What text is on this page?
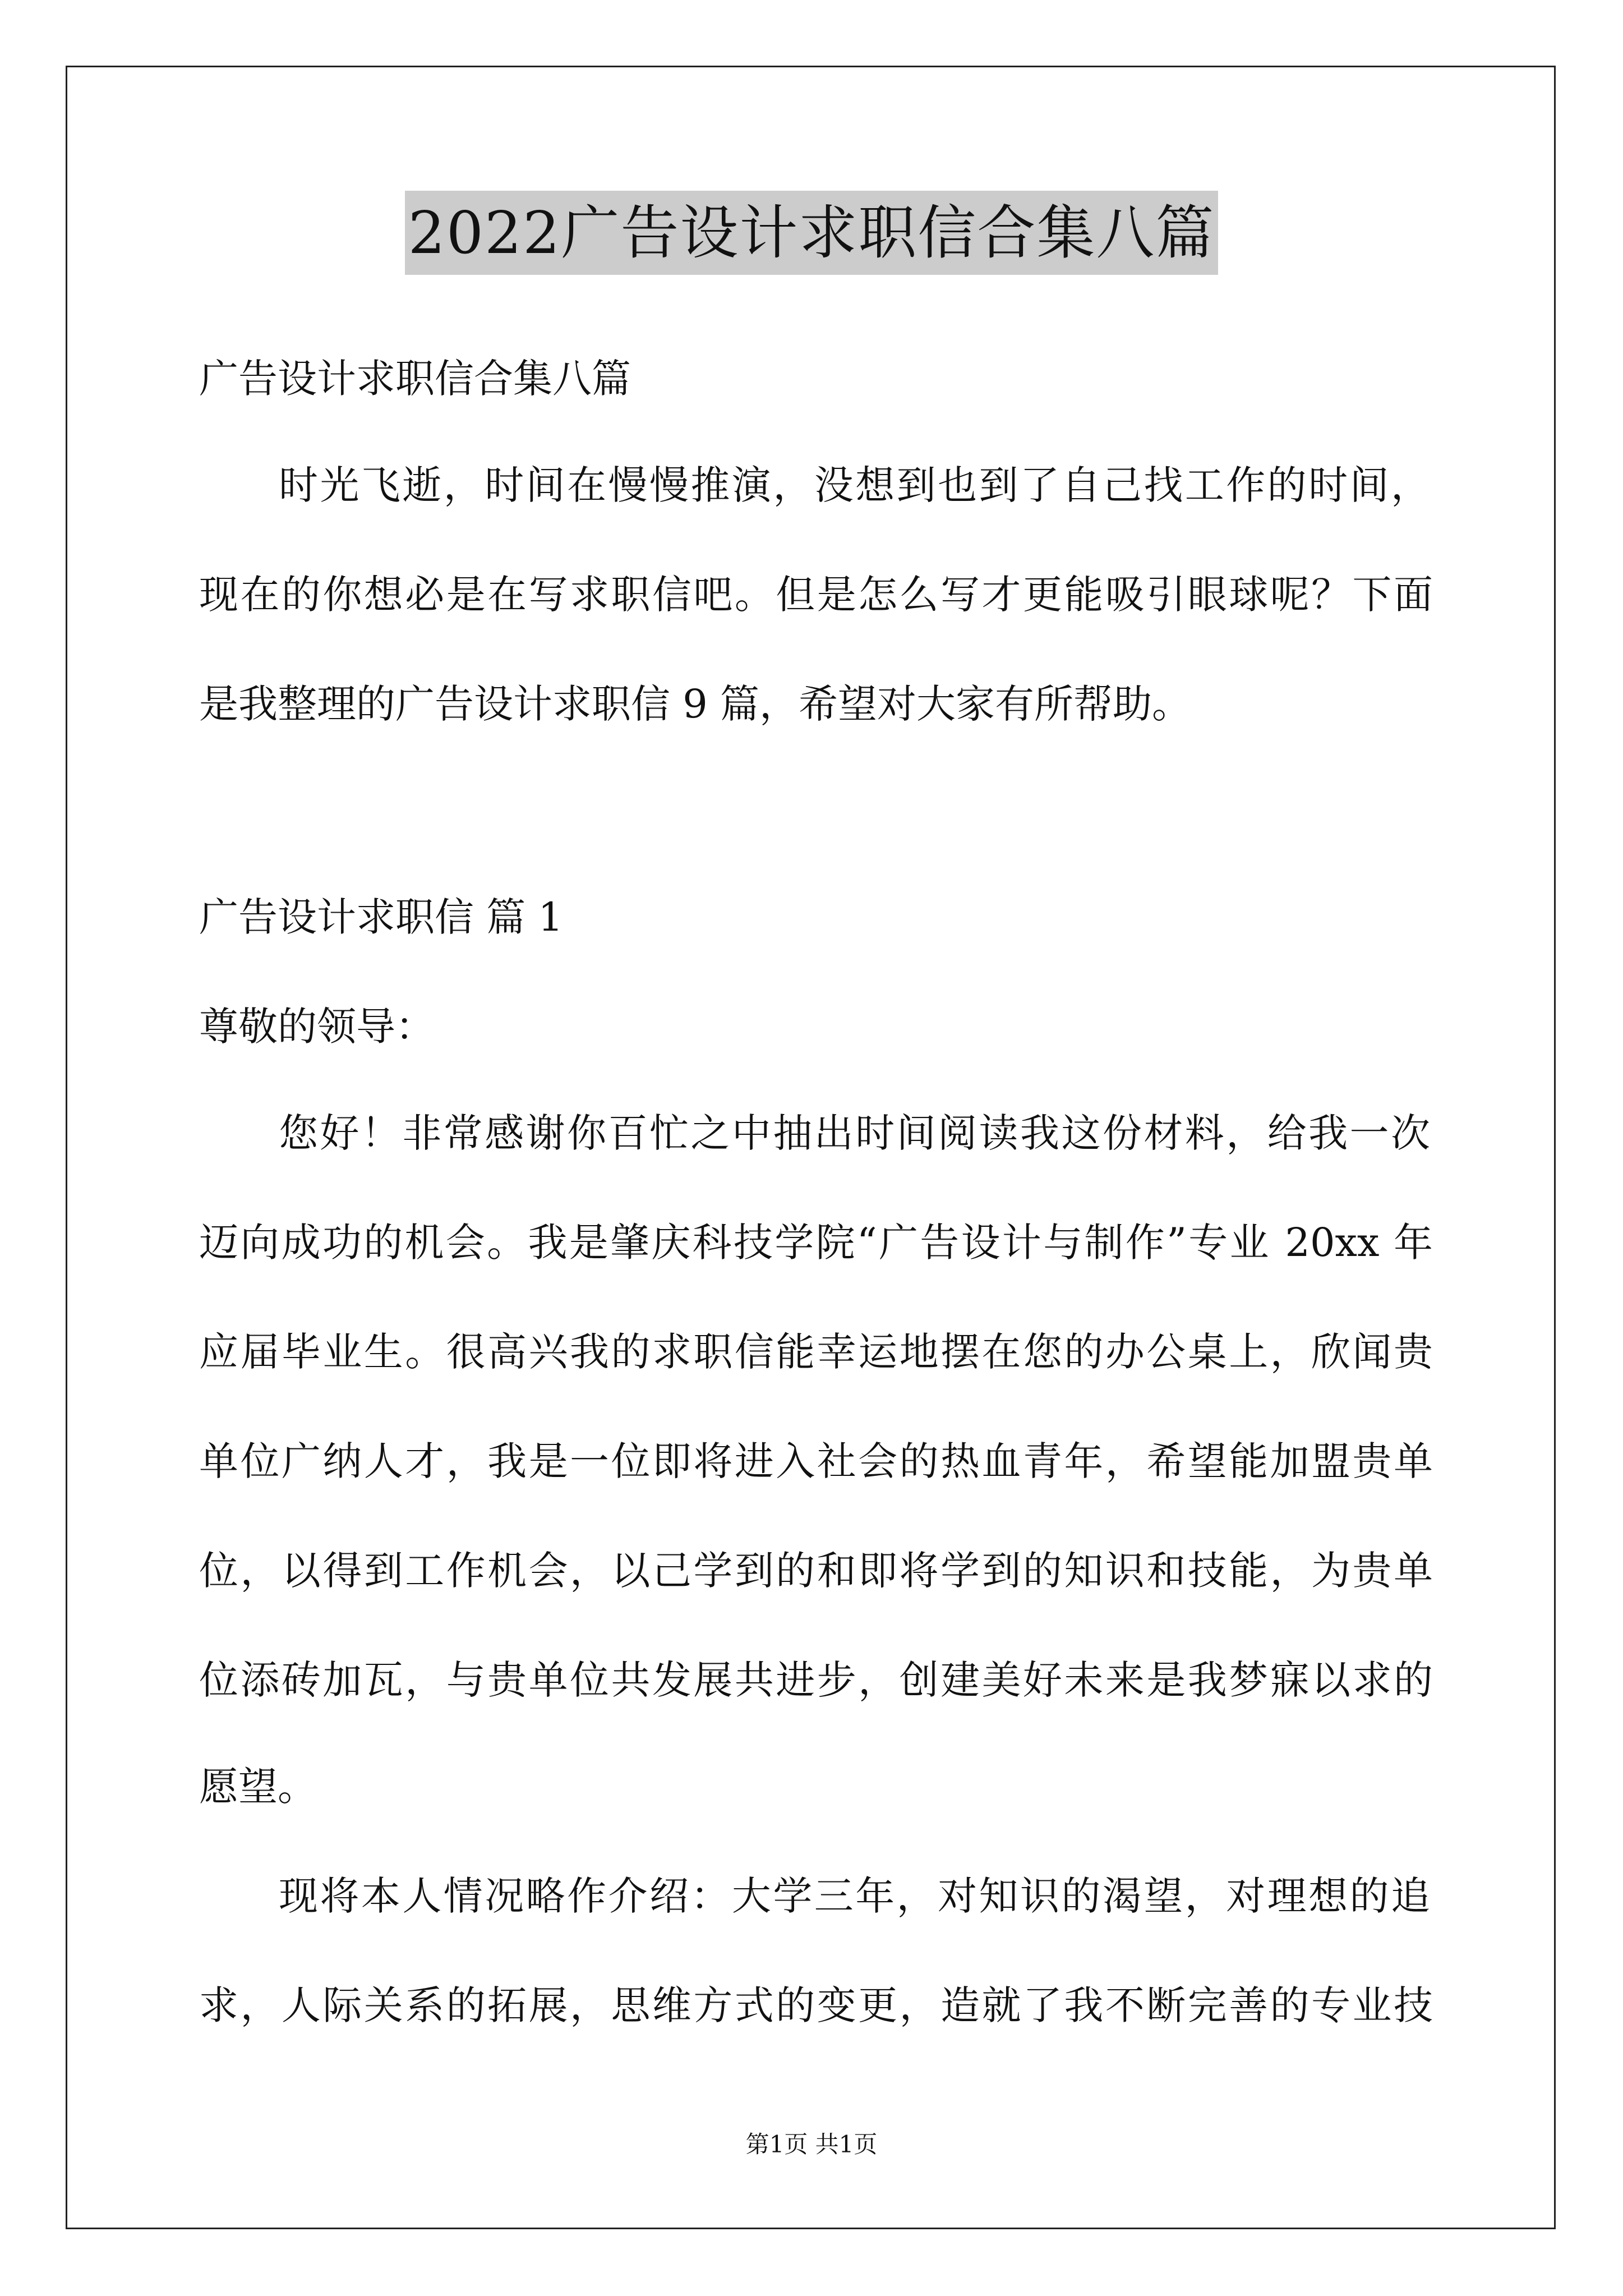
2022广告设计求职信合集八篇
广告设计求职信合集八篇
时光飞逝，时间在慢慢推演，没想到也到了自己找工作的时间，
现在的你想必是在写求职信吧。但是怎么写才更能吸引眼球呢？下面
是我整理的广告设计求职信 9 篇，希望对大家有所帮助。
广告设计求职信 篇 1
尊敬的领导：
您好！非常感谢你百忙之中抽出时间阅读我这份材料，给我一次
迈向成功的机会。我是肇庆科技学院“广告设计与制作”专业 20xx 年
应届毕业生。很高兴我的求职信能幸运地摆在您的办公桌上，欣闻贵
单位广纳人才，我是一位即将进入社会的热血青年，希望能加盟贵单
位，以得到工作机会，以己学到的和即将学到的知识和技能，为贵单
位添砖加瓦，与贵单位共发展共进步，创建美好未来是我梦寐以求的
愿望。
现将本人情况略作介绍：大学三年，对知识的渴望，对理想的追
求，人际关系的拓展，思维方式的变更，造就了我不断完善的专业技
第1页 共1页
